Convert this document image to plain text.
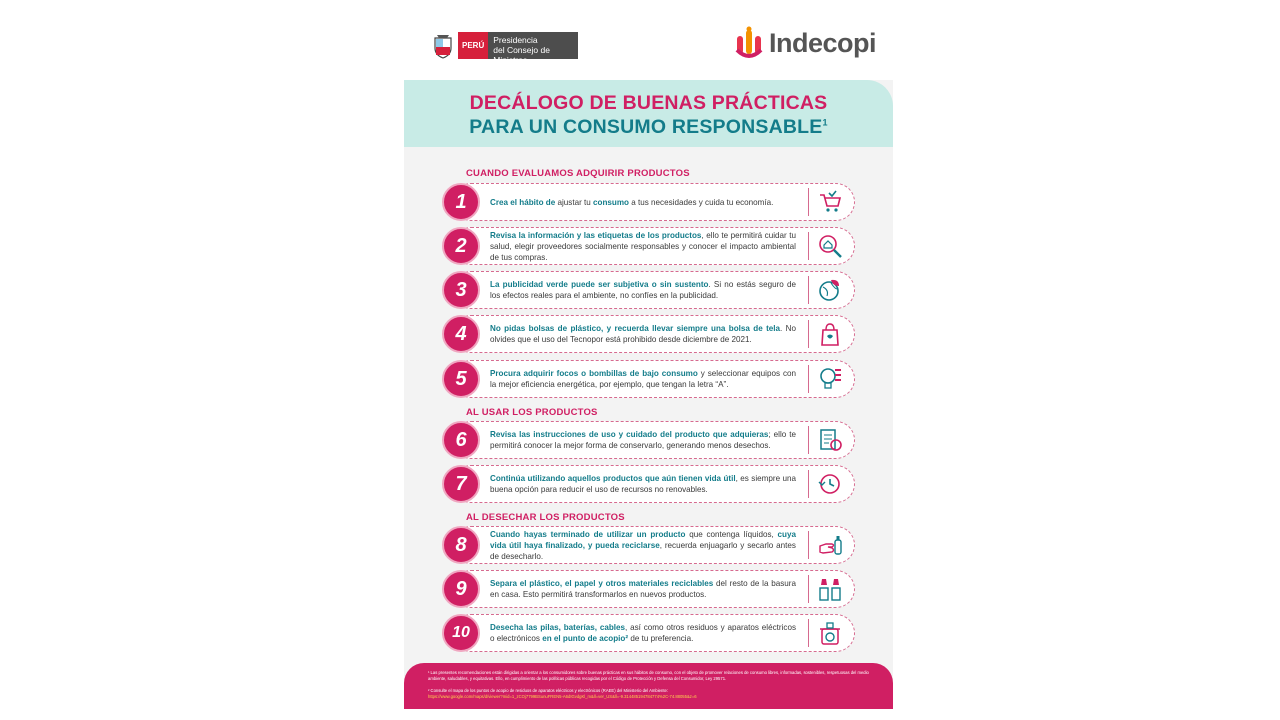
PERÚ
Presidencia
del Consejo de Ministros
Indecopi
DECÁLOGO DE BUENAS PRÁCTICAS
PARA UN CONSUMO RESPONSABLE$^1$
CUANDO EVALUAMOS ADQUIRIR PRODUCTOS
AL USAR LOS PRODUCTOS
AL DESECHAR LOS PRODUCTOS
1	Crea el hábito de ajustar tu consumo a tus necesidades y cuida tu economía.

2	Revisa la información y las etiquetas de los productos, ello te permitirá cuidar tu salud, elegir proveedores socialmente responsables y conocer el impacto ambiental de tus compras.

3	La publicidad verde puede ser subjetiva o sin sustento. Si no estás seguro de los efectos reales para el ambiente, no confíes en la publicidad.

4	No pidas bolsas de plástico, y recuerda llevar siempre una bolsa de tela. No olvides que el uso del Tecnopor está prohibido desde diciembre de 2021.

5	Procura adquirir focos o bombillas de bajo consumo y seleccionar equipos con la mejor eficiencia energética, por ejemplo, que tengan la letra “A”.

6	Revisa las instrucciones de uso y cuidado del producto que adquieras; ello te permitirá conocer la mejor forma de conservarlo, generando menos desechos.

7	Continúa utilizando aquellos productos que aún tienen vida útil, es siempre una buena opción para reducir el uso de recursos no renovables.

8	Cuando hayas terminado de utilizar un producto que contenga líquidos, cuya vida útil haya finalizado, y pueda reciclarse, recuerda enjuagarlo y secarlo antes de desecharlo.

9	Separa el plástico, el papel y otros materiales reciclables del resto de la basura en casa. Esto permitirá transformarlos en nuevos productos.

10	Desecha las pilas, baterías, cables, así como otros residuos y aparatos eléctricos o electrónicos en el punto de acopio² de tu preferencia.

¹ Las presentes recomendaciones están dirigidas a orientar a los consumidores sobre buenas prácticas en sus hábitos de consumo, con el objeto de promover relaciones de consumo libres, informadas, sostenibles, respetuosas del medio ambiente, saludables, y equitativas. Ello, en cumplimiento de las políticas públicas recogidas por el Código de Protección y Defensa del Consumidor, Ley 29571.
² Consulte el mapa de los puntos de acopio de residuos de aparatos eléctricos y electrónicos (RAEE) del Ministerio del Ambiente:
https://www.google.com/maps/d/viewer?mid=1_zCOj7799BSunuFREN5-A6dIGvdgKl_m&ll=ver_US&ll=-9.314485194784774%2C-74.88055&z=6
